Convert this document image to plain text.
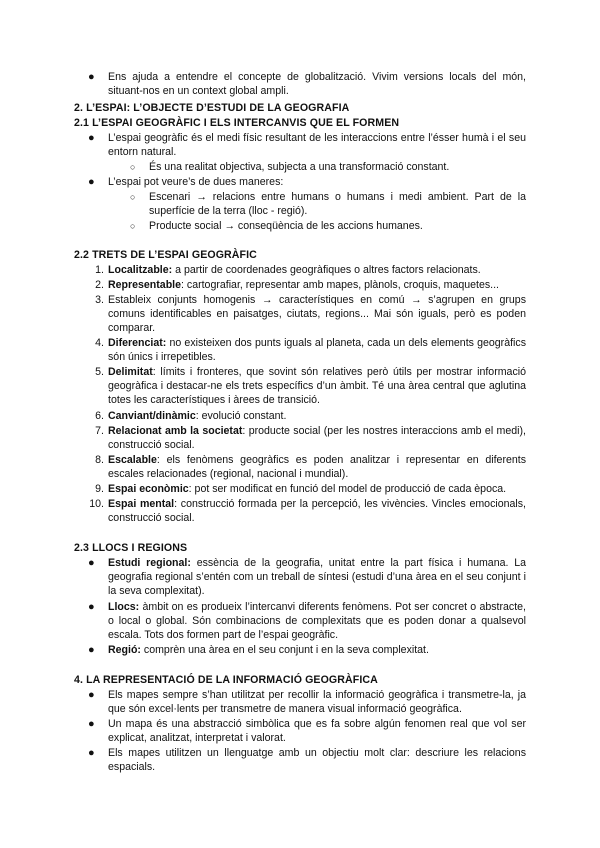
● Ens ajuda a entendre el concepte de globalització. Vivim versions locals del món, situant-nos en un context global ampli.

2. L’ESPAI: L’OBJECTE D’ESTUDI DE LA GEOGRAFIA

2.1 L’ESPAI GEOGRÀFIC I ELS INTERCANVIS QUE EL FORMEN

● L’espai geogràfic és el medi físic resultant de les interaccions entre l’ésser humà i el seu entorn natural.

○ És una realitat objectiva, subjecta a una transformació constant.

● L’espai pot veure’s de dues maneres:

○ Escenari → relacions entre humans o humans i medi ambient. Part de la superfície de la terra (lloc - regió).

○ Producte social → conseqüència de les accions humanes.

2.2 TRETS DE L’ESPAI GEOGRÀFIC

1. Localitzable: a partir de coordenades geogràfiques o altres factors relacionats.

2. Representable: cartografiar, representar amb mapes, plànols, croquis, maquetes...

3. Estableix conjunts homogenis → característiques en comú → s’agrupen en grups comuns identificables en paisatges, ciutats, regions... Mai són iguals, però es poden comparar.

4. Diferenciat: no existeixen dos punts iguals al planeta, cada un dels elements geogràfics són únics i irrepetibles.

5. Delimitat: límits i fronteres, que sovint són relatives però útils per mostrar informació geogràfica i destacar-ne els trets específics d’un àmbit. Té una àrea central que aglutina totes les característiques i àrees de transició.

6. Canviant/dinàmic: evolució constant.

7. Relacionat amb la societat: producte social (per les nostres interaccions amb el medi), construcció social.

8. Escalable: els fenòmens geogràfics es poden analitzar i representar en diferents escales relacionades (regional, nacional i mundial).

9. Espai econòmic: pot ser modificat en funció del model de producció de cada època.

10. Espai mental: construcció formada per la percepció, les vivències. Vincles emocionals, construcció social.

2.3 LLOCS I REGIONS

● Estudi regional: essència de la geografia, unitat entre la part física i humana. La geografia regional s’entén com un treball de síntesi (estudi d’una àrea en el seu conjunt i la seva complexitat).

● Llocs: àmbit on es produeix l’intercanvi diferents fenòmens. Pot ser concret o abstracte, o local o global. Són combinacions de complexitats que es poden donar a qualsevol escala. Tots dos formen part de l’espai geogràfic.

● Regió: comprèn una àrea en el seu conjunt i en la seva complexitat.

4. LA REPRESENTACIÓ DE LA INFORMACIÓ GEOGRÀFICA

● Els mapes sempre s’han utilitzat per recollir la informació geogràfica i transmetre-la, ja que són excel·lents per transmetre de manera visual informació geogràfica.

● Un mapa és una abstracció simbòlica que es fa sobre algún fenomen real que vol ser explicat, analitzat, interpretat i valorat.

● Els mapes utilitzen un llenguatge amb un objectiu molt clar: descriure les relacions espacials.
